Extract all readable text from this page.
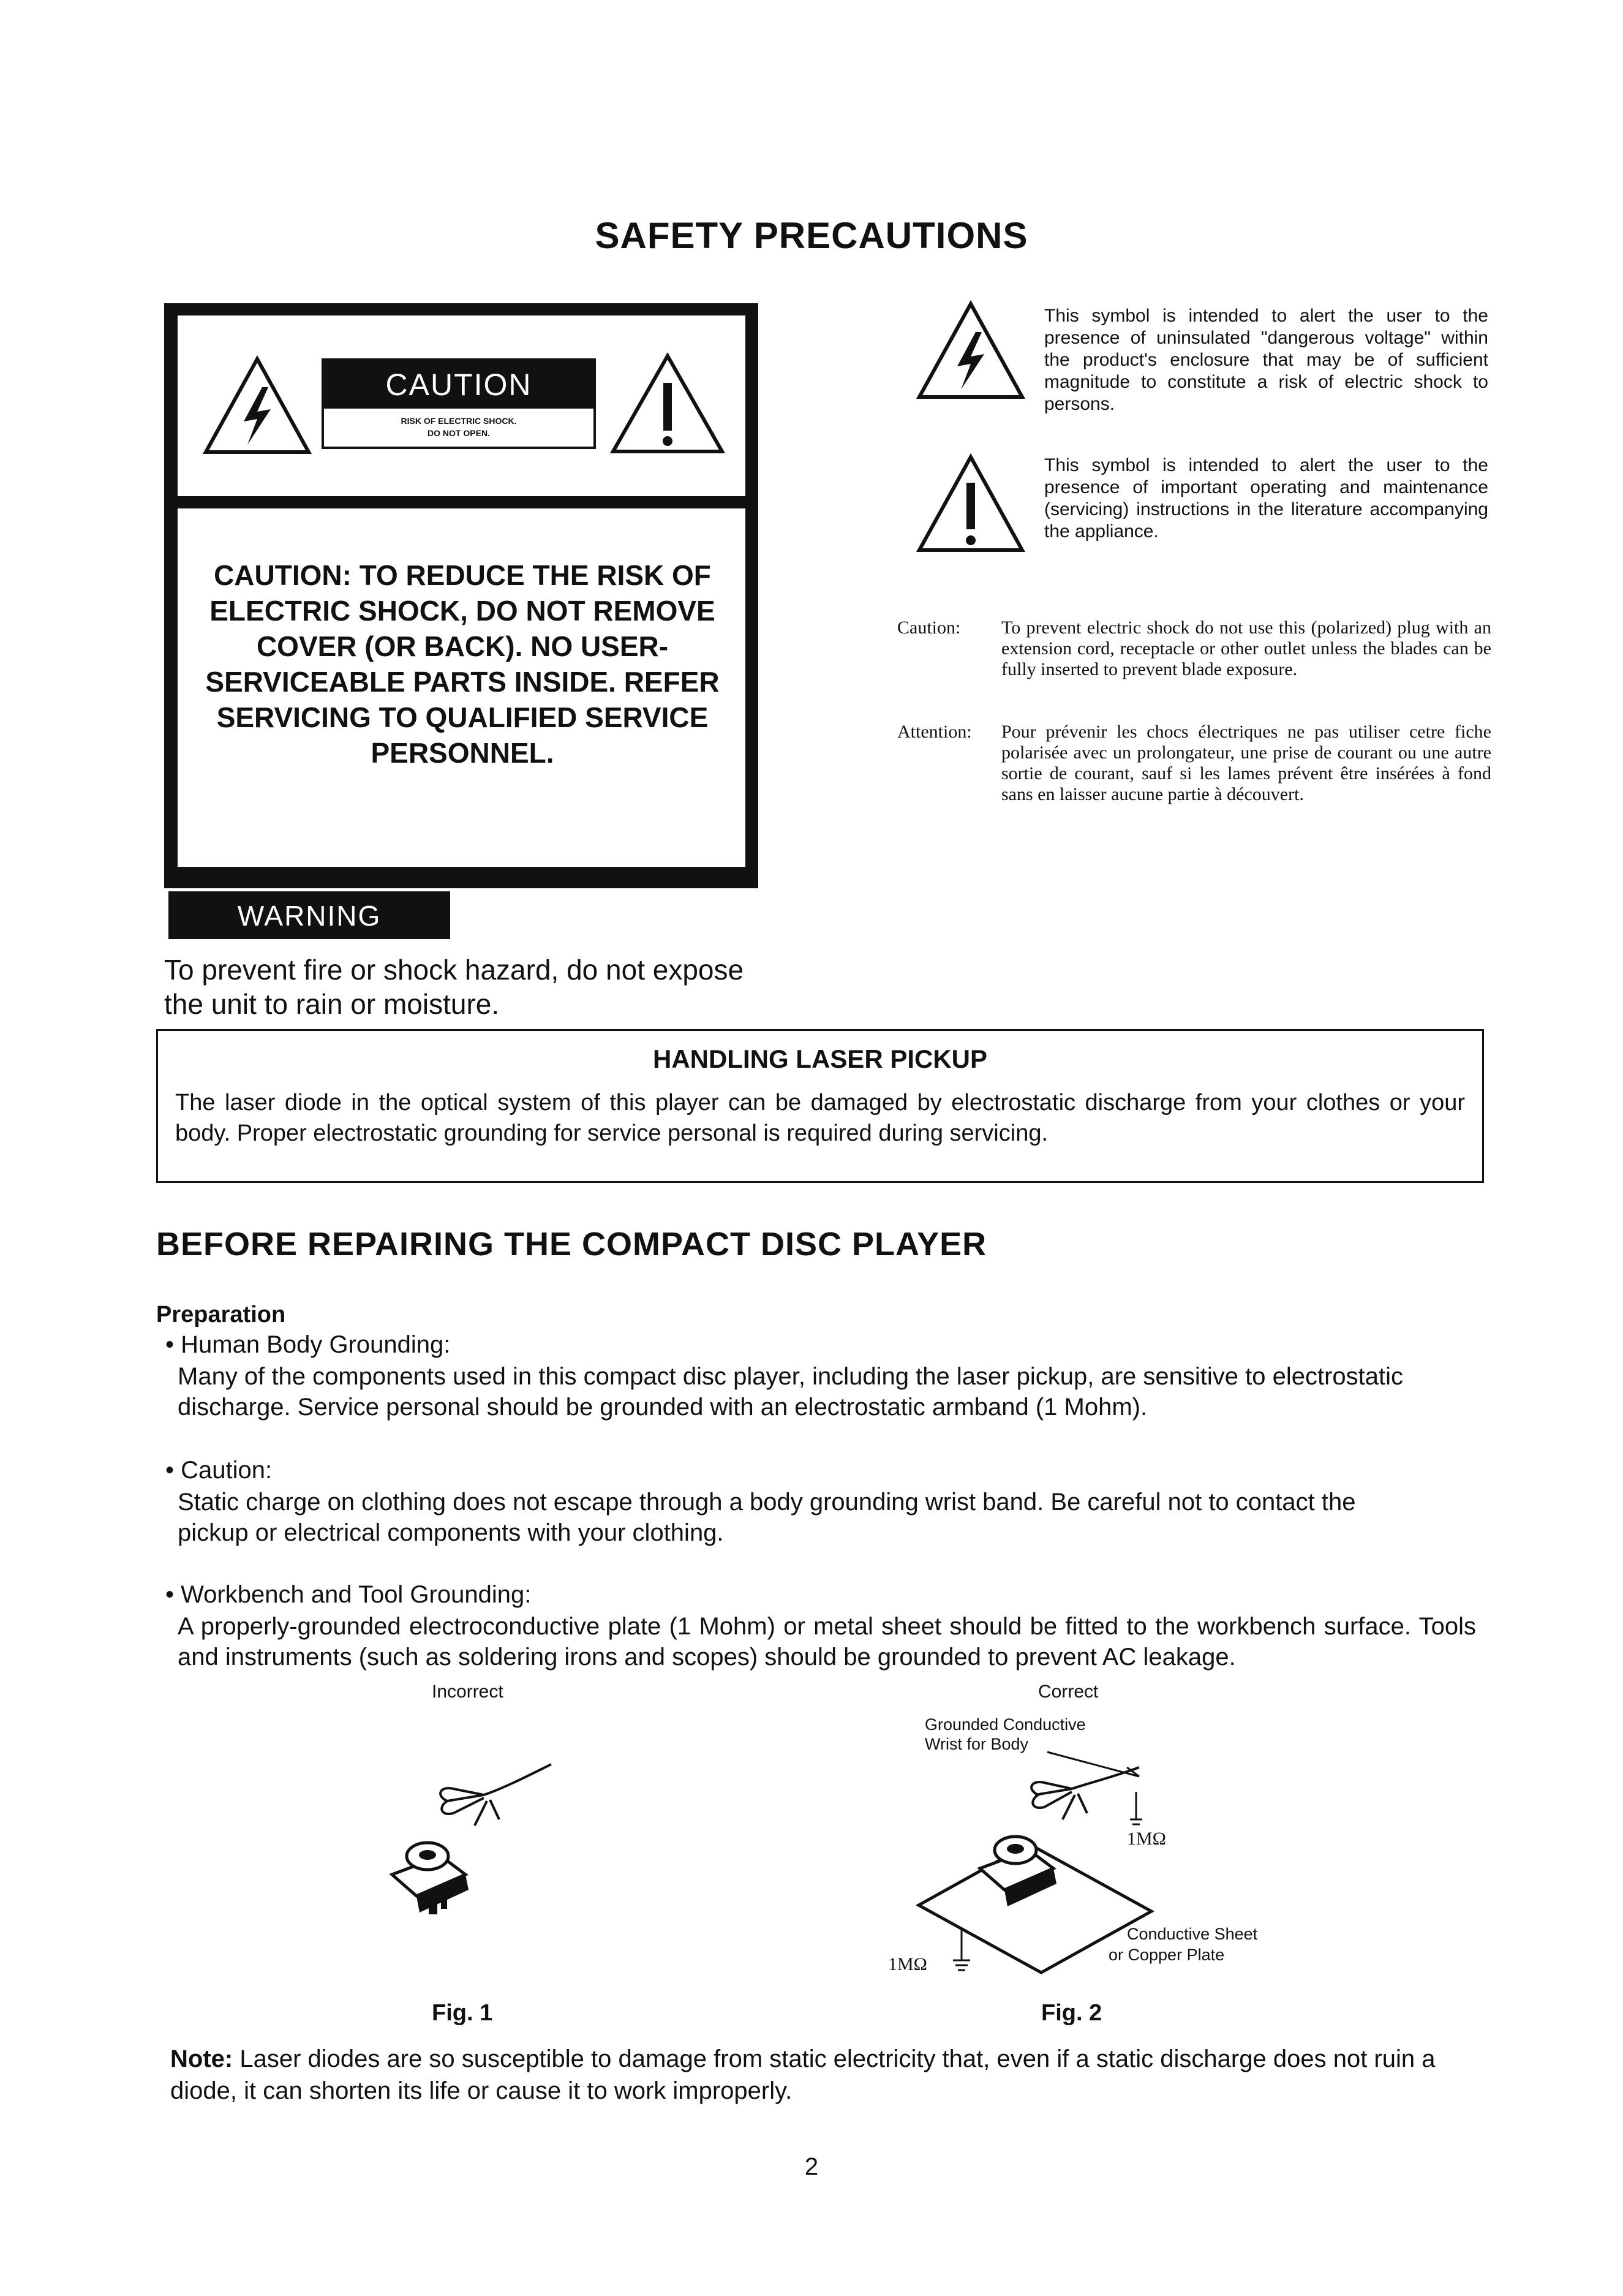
SAFETY PRECAUTIONS
CAUTION
RISK OF ELECTRIC SHOCK.
DO NOT OPEN.
CAUTION: TO REDUCE THE RISK OF ELECTRIC SHOCK, DO NOT REMOVE COVER (OR BACK). NO USER-SERVICEABLE PARTS INSIDE. REFER SERVICING TO QUALIFIED SERVICE PERSONNEL.
WARNING
To prevent fire or shock hazard, do not expose the unit to rain or moisture.
This symbol is intended to alert the user to the presence of uninsulated "dangerous voltage" within the product's enclosure that may be of sufficient magnitude to constitute a risk of electric shock to persons.
This symbol is intended to alert the user to the presence of important operating and maintenance (servicing) instructions in the literature accompanying the appliance.
Caution: To prevent electric shock do not use this (polarized) plug with an extension cord, receptacle or other outlet unless the blades can be fully inserted to prevent blade exposure.
Attention: Pour prévenir les chocs électriques ne pas utiliser cetre fiche polarisée avec un prolongateur, une prise de courant ou une autre sortie de courant, sauf si les lames prévent être insérées à fond sans en laisser aucune partie à découvert.
HANDLING LASER PICKUP
The laser diode in the optical system of this player can be damaged by electrostatic discharge from your clothes or your body. Proper electrostatic grounding for service personal is required during servicing.
BEFORE REPAIRING THE COMPACT DISC PLAYER
Preparation
• Human Body Grounding:
Many of the components used in this compact disc player, including the laser pickup, are sensitive to electrostatic discharge. Service personal should be grounded with an electrostatic armband (1 Mohm).
• Caution:
Static charge on clothing does not escape through a body grounding wrist band. Be careful not to contact the pickup or electrical components with your clothing.
• Workbench and Tool Grounding:
A properly-grounded electroconductive plate (1 Mohm) or metal sheet should be fitted to the workbench surface. Tools and instruments (such as soldering irons and scopes) should be grounded to prevent AC leakage.
Incorrect	Correct
Grounded Conductive
Wrist for Body
1MΩ
1MΩ
Conductive Sheet
or Copper Plate
Fig. 1	Fig. 2
Note: Laser diodes are so susceptible to damage from static electricity that, even if a static discharge does not ruin a diode, it can shorten its life or cause it to work improperly.
2
